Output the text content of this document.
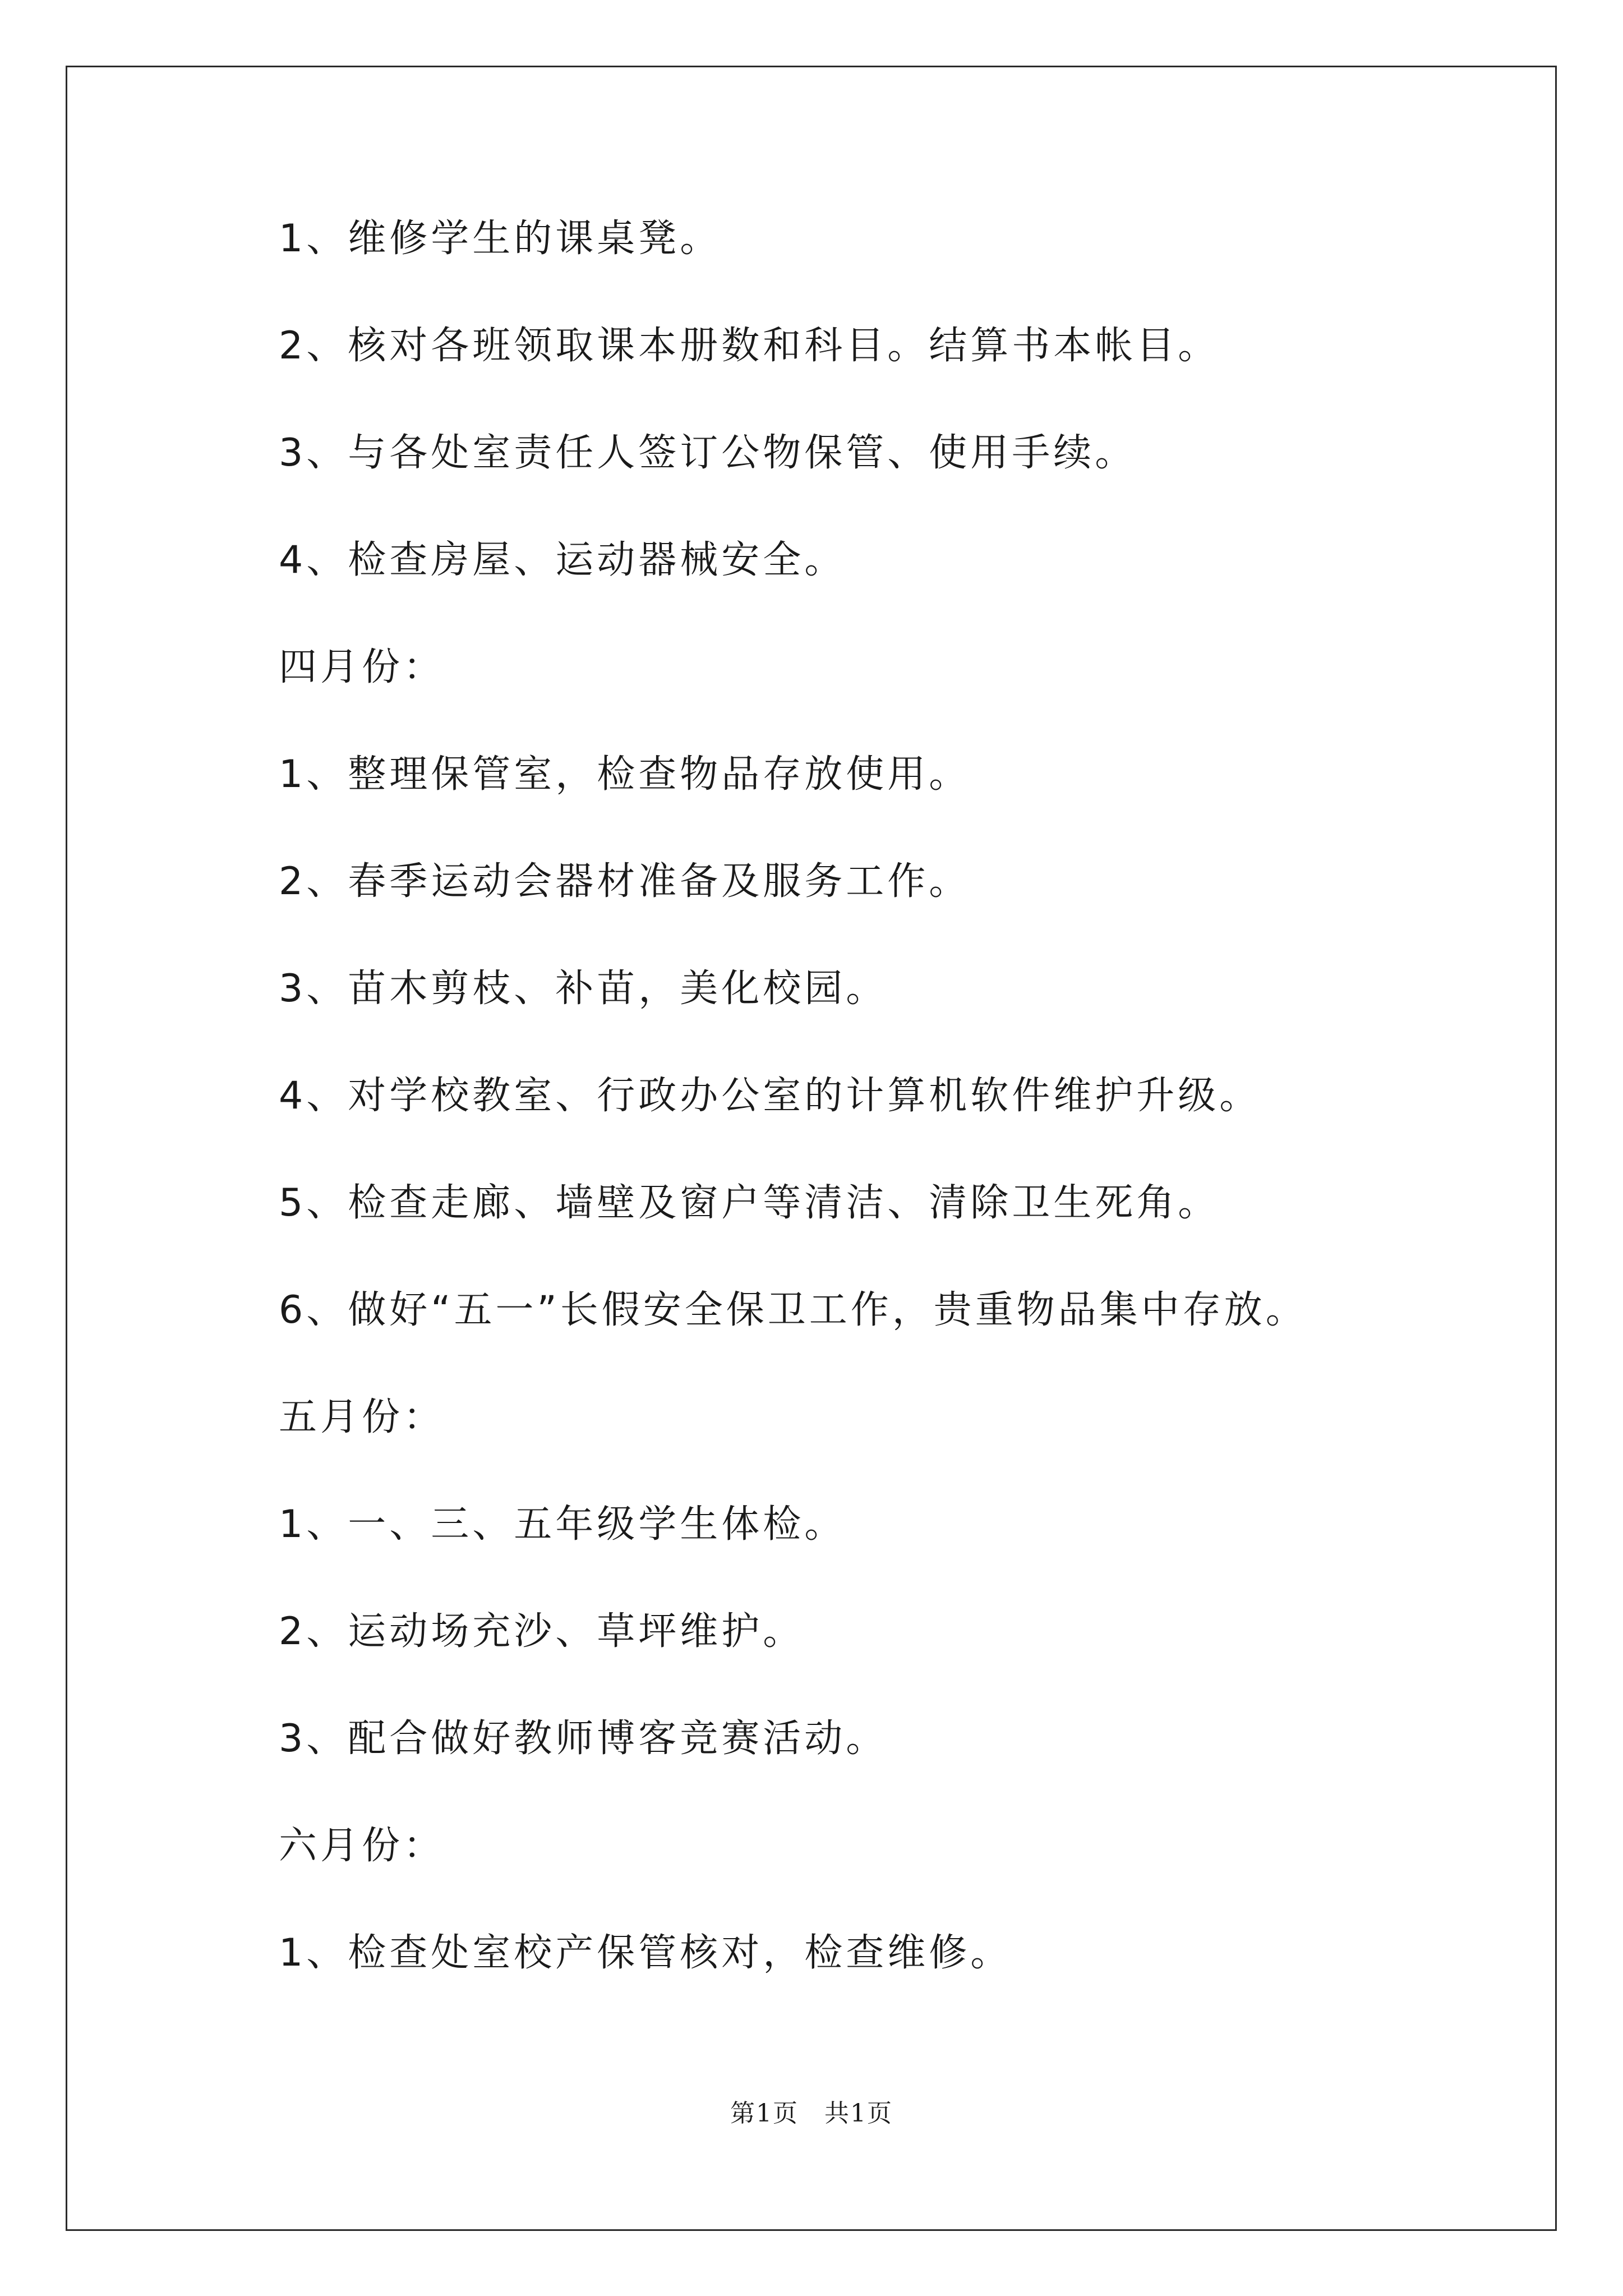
1、维修学生的课桌凳。
2、核对各班领取课本册数和科目。结算书本帐目。
3、与各处室责任人签订公物保管、使用手续。
4、检查房屋、运动器械安全。
四月份：
1、整理保管室，检查物品存放使用。
2、春季运动会器材准备及服务工作。
3、苗木剪枝、补苗，美化校园。
4、对学校教室、行政办公室的计算机软件维护升级。
5、检查走廊、墙壁及窗户等清洁、清除卫生死角。
6、做好“五一”长假安全保卫工作，贵重物品集中存放。
五月份：
1、一、三、五年级学生体检。
2、运动场充沙、草坪维护。
3、配合做好教师博客竞赛活动。
六月份：
1、检查处室校产保管核对，检查维修。
第1页　共1页
